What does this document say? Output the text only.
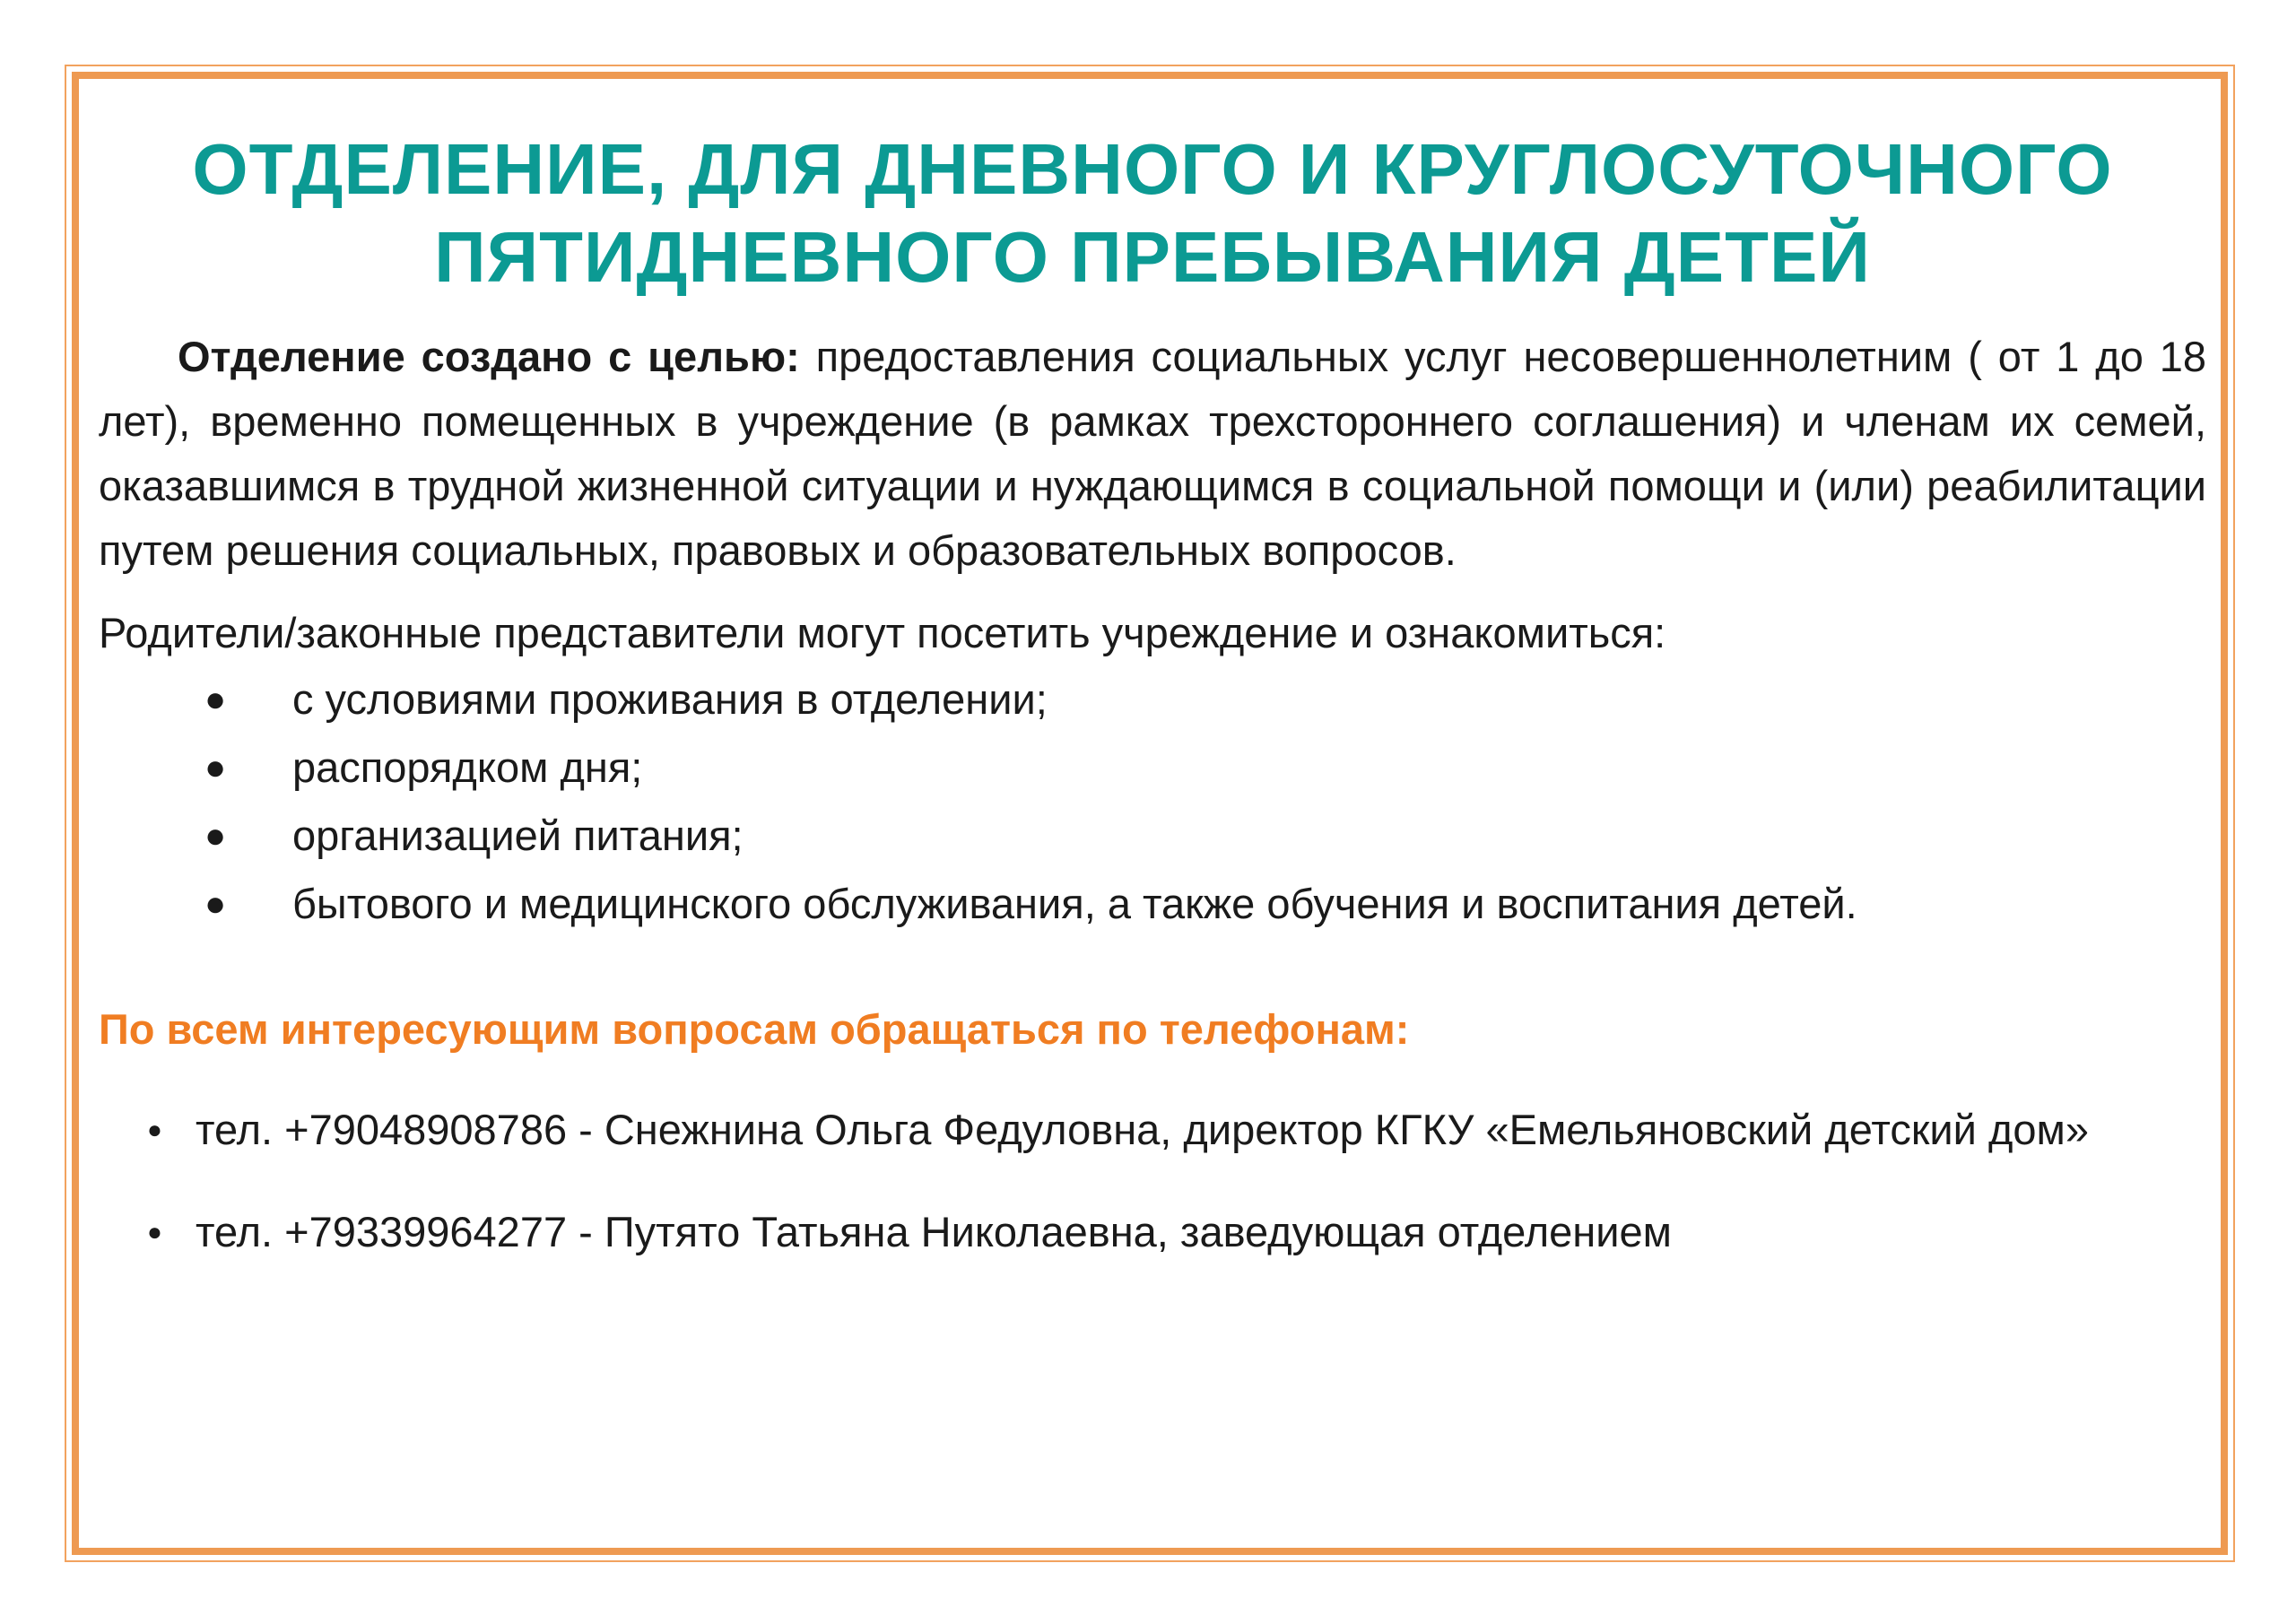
ОТДЕЛЕНИЕ, ДЛЯ ДНЕВНОГО И КРУГЛОСУТОЧНОГО
ПЯТИДНЕВНОГО ПРЕБЫВАНИЯ ДЕТЕЙ

Отделение создано с целью: предоставления социальных услуг несовершеннолетним ( от 1 до 18 лет), временно помещенных в учреждение (в рамках трехстороннего соглашения) и членам их семей, оказавшимся в трудной жизненной ситуации и нуждающимся в социальной помощи и (или) реабилитации путем решения социальных, правовых и образовательных вопросов.

Родители/законные представители могут посетить учреждение и ознакомиться:

● с условиями проживания в отделении;
● распорядком дня;
● организацией питания;
● бытового и медицинского обслуживания, а также обучения и воспитания детей.

По всем интересующим вопросам обращаться по телефонам:

● тел. +79048908786 - Снежнина Ольга Федуловна, директор КГКУ «Емельяновский детский дом»
● тел. +79339964277 - Путято Татьяна Николаевна, заведующая отделением
